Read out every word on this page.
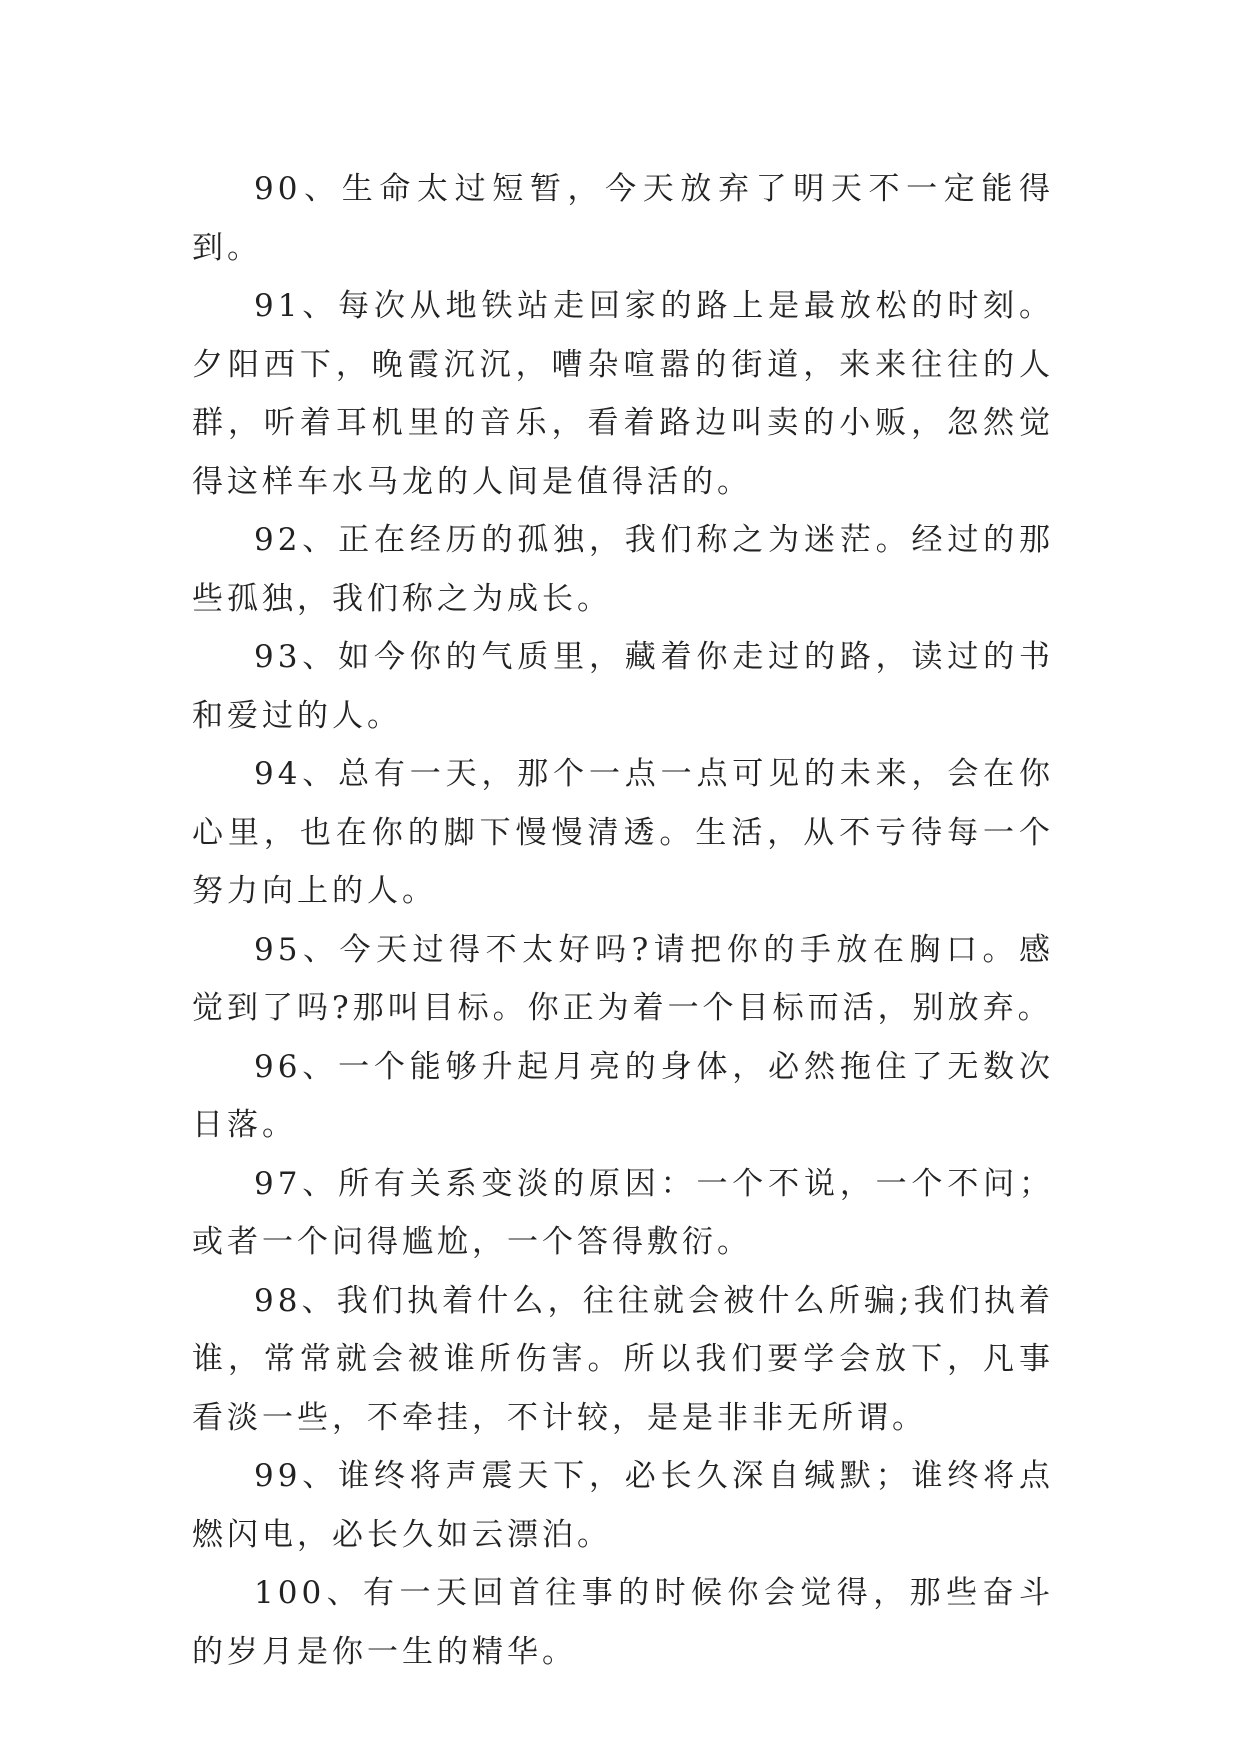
90、生命太过短暂，今天放弃了明天不一定能得到。

91、每次从地铁站走回家的路上是最放松的时刻。夕阳西下，晚霞沉沉，嘈杂喧嚣的街道，来来往往的人群，听着耳机里的音乐，看着路边叫卖的小贩，忽然觉得这样车水马龙的人间是值得活的。

92、正在经历的孤独，我们称之为迷茫。经过的那些孤独，我们称之为成长。

93、如今你的气质里，藏着你走过的路，读过的书和爱过的人。

94、总有一天，那个一点一点可见的未来，会在你心里，也在你的脚下慢慢清透。生活，从不亏待每一个努力向上的人。

95、今天过得不太好吗?请把你的手放在胸口。感觉到了吗?那叫目标。你正为着一个目标而活，别放弃。

96、一个能够升起月亮的身体，必然拖住了无数次日落。

97、所有关系变淡的原因：一个不说，一个不问；或者一个问得尴尬，一个答得敷衍。

98、我们执着什么，往往就会被什么所骗;我们执着谁，常常就会被谁所伤害。所以我们要学会放下，凡事看淡一些，不牵挂，不计较，是是非非无所谓。

99、谁终将声震天下，必长久深自缄默；谁终将点燃闪电，必长久如云漂泊。

100、有一天回首往事的时候你会觉得，那些奋斗的岁月是你一生的精华。
